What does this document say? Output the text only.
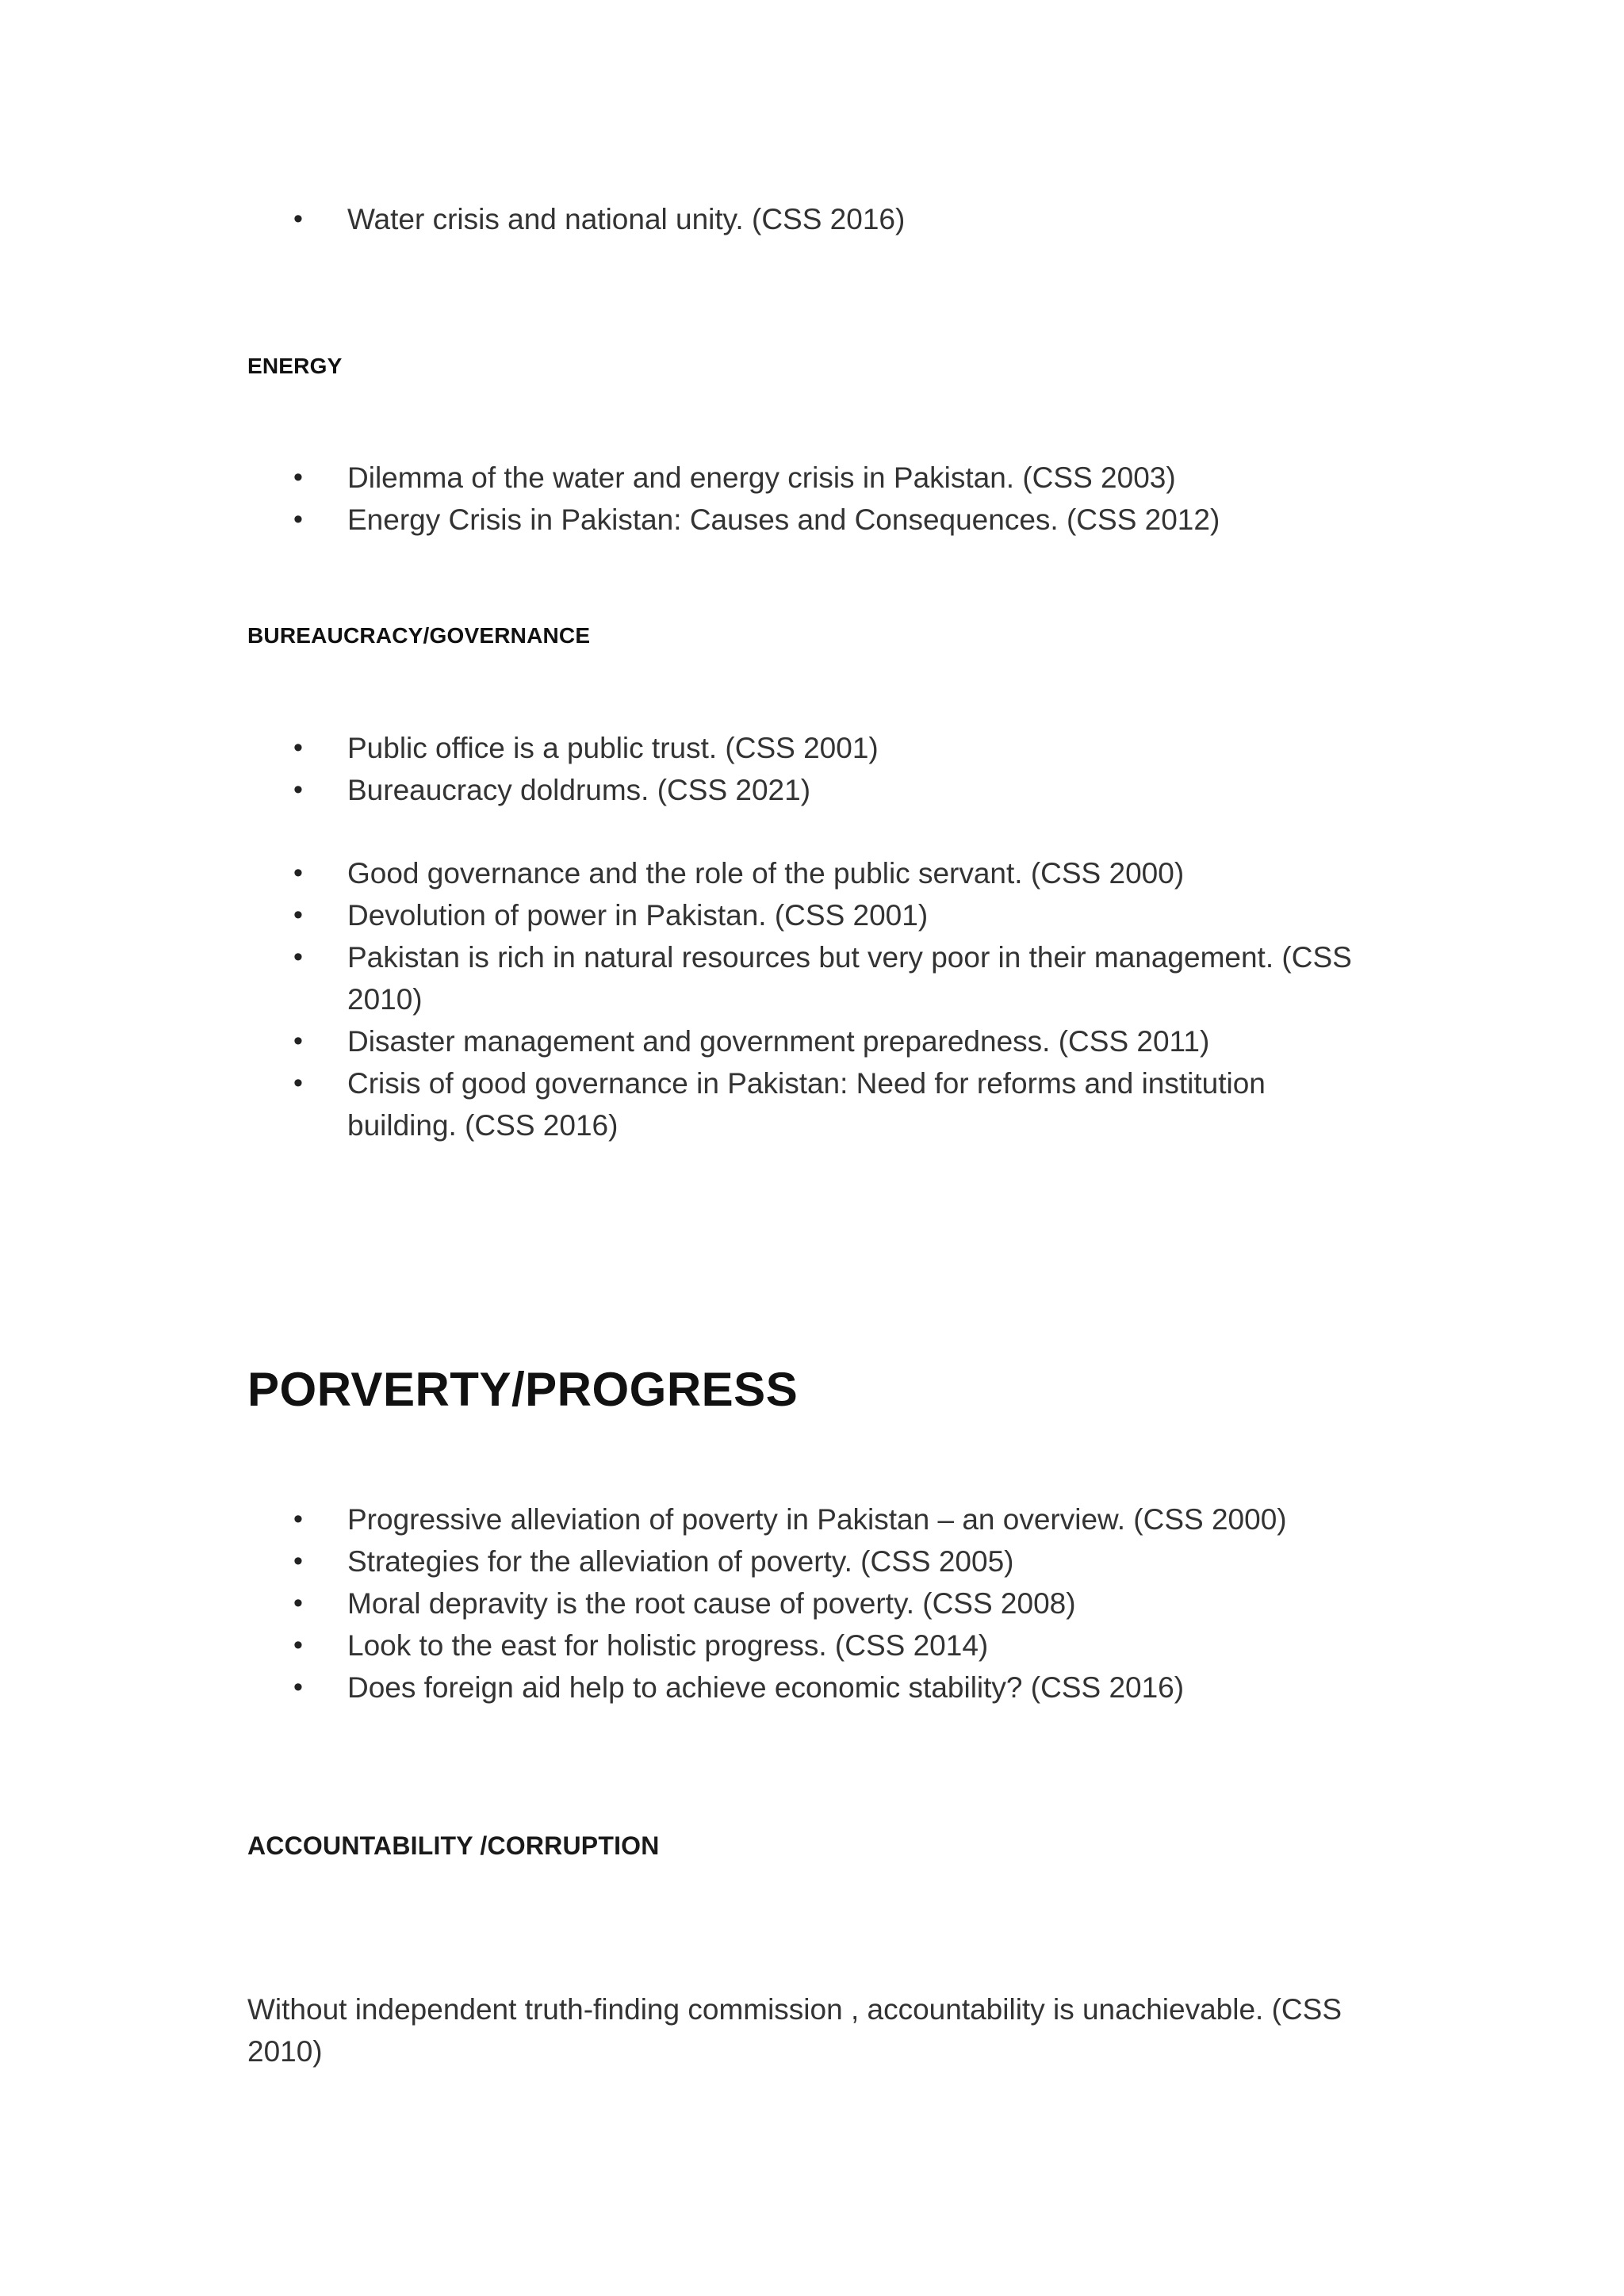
•	Water crisis and national unity. (CSS 2016)
ENERGY
•	Dilemma of the water and energy crisis in Pakistan. (CSS 2003)
•	Energy Crisis in Pakistan: Causes and Consequences. (CSS 2012)
BUREAUCRACY/GOVERNANCE
•	Public office is a public trust. (CSS 2001)
•	Bureaucracy doldrums. (CSS 2021)
•	Good governance and the role of the public servant. (CSS 2000)
•	Devolution of power in Pakistan. (CSS 2001)
•	Pakistan is rich in natural resources but very poor in their management. (CSS 2010)
•	Disaster management and government preparedness. (CSS 2011)
•	Crisis of good governance in Pakistan: Need for reforms and institution building. (CSS 2016)
PORVERTY/PROGRESS
•	Progressive alleviation of poverty in Pakistan – an overview. (CSS 2000)
•	Strategies for the alleviation of poverty. (CSS 2005)
•	Moral depravity is the root cause of poverty. (CSS 2008)
•	Look to the east for holistic progress. (CSS 2014)
•	Does foreign aid help to achieve economic stability? (CSS 2016)
ACCOUNTABILITY /CORRUPTION

Without independent truth-finding commission , accountability is unachievable. (CSS 2010)
